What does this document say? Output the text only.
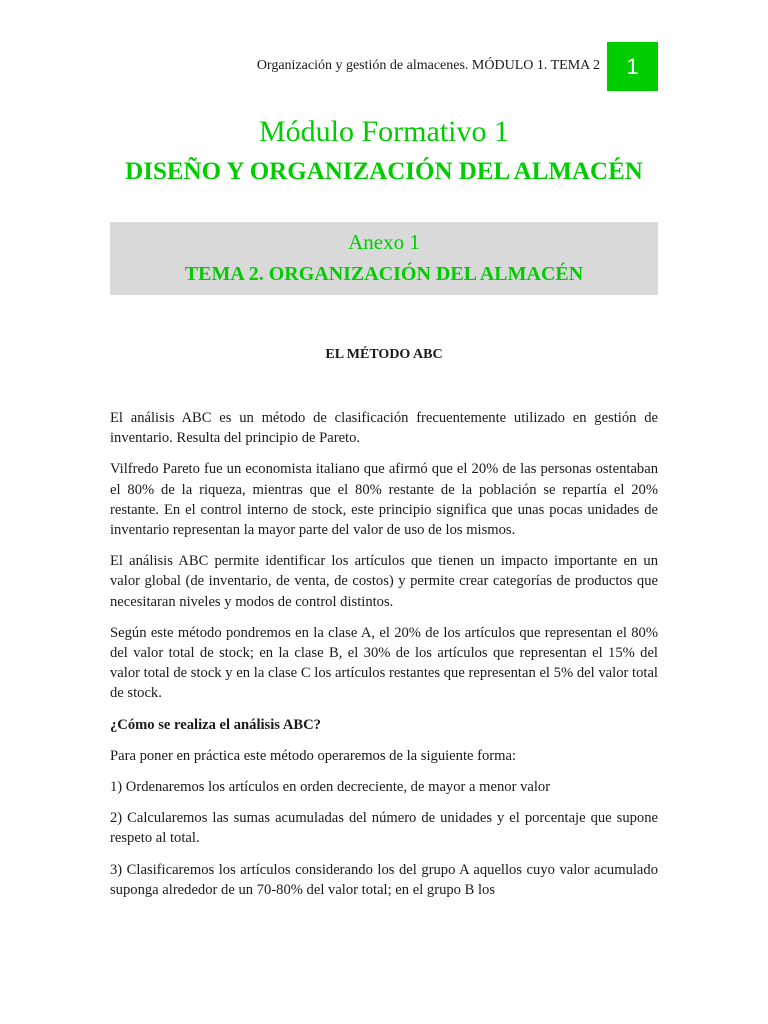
Organización y gestión de almacenes. MÓDULO 1. TEMA 2	1
Módulo Formativo 1
DISEÑO Y ORGANIZACIÓN DEL ALMACÉN
Anexo 1
TEMA 2. ORGANIZACIÓN DEL ALMACÉN
EL MÉTODO ABC

El análisis ABC es un método de clasificación frecuentemente utilizado en gestión de inventario. Resulta del principio de Pareto.

Vilfredo Pareto fue un economista italiano que afirmó que el 20% de las personas ostentaban el 80% de la riqueza, mientras que el 80% restante de la población se repartía el 20% restante. En el control interno de stock, este principio significa que unas pocas unidades de inventario representan la mayor parte del valor de uso de los mismos.

El análisis ABC permite identificar los artículos que tienen un impacto importante en un valor global (de inventario, de venta, de costos) y permite crear categorías de productos que necesitaran niveles y modos de control distintos.

Según este método pondremos en la clase A, el 20% de los artículos que representan el 80% del valor total de stock; en la clase B, el 30% de los artículos que representan el 15% del valor total de stock y en la clase C los artículos restantes que representan el 5% del valor total de stock.

¿Cómo se realiza el análisis ABC?

Para poner en práctica este método operaremos de la siguiente forma:

1) Ordenaremos los artículos en orden decreciente, de mayor a menor valor

2) Calcularemos las sumas acumuladas del número de unidades y el porcentaje que supone respeto al total.

3) Clasificaremos los artículos considerando los del grupo A aquellos cuyo valor acumulado suponga alrededor de un 70-80% del valor total; en el grupo B los
